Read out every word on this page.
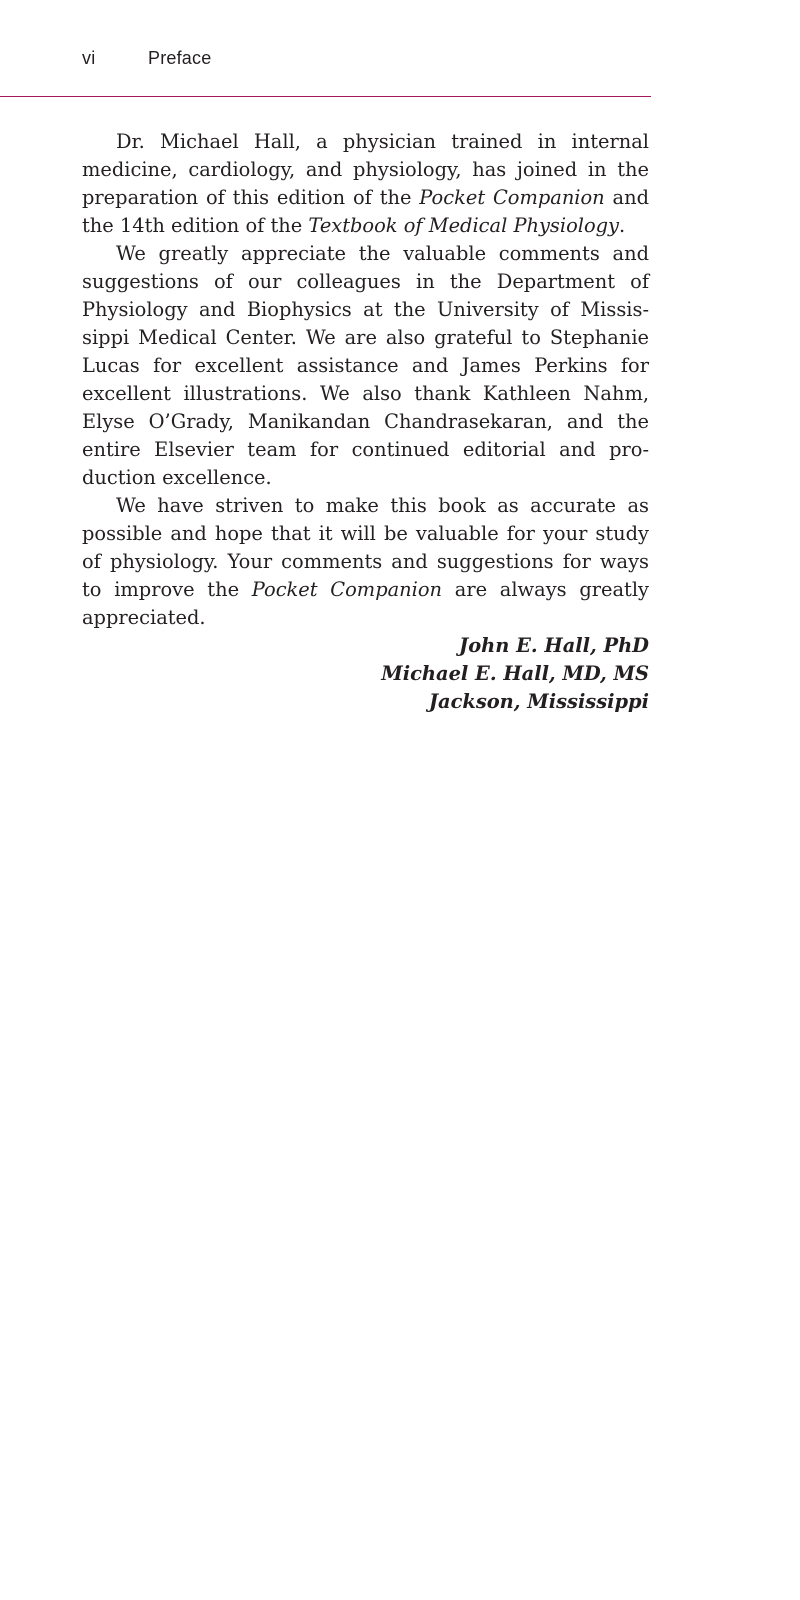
vi	Preface

Dr. Michael Hall, a physician trained in internal medicine, cardiology, and physiology, has joined in the preparation of this edition of the Pocket Companion and the 14th edition of the Textbook of Medical Physiology.

We greatly appreciate the valuable comments and suggestions of our colleagues in the Department of Physiology and Biophysics at the University of Mississippi Medical Center. We are also grateful to Stephanie Lucas for excellent assistance and James Perkins for excellent illustrations. We also thank Kathleen Nahm, Elyse O’Grady, Manikandan Chandrasekaran, and the entire Elsevier team for continued editorial and production excellence.

We have striven to make this book as accurate as possible and hope that it will be valuable for your study of physiology. Your comments and suggestions for ways to improve the Pocket Companion are always greatly appreciated.

John E. Hall, PhD
Michael E. Hall, MD, MS
Jackson, Mississippi
